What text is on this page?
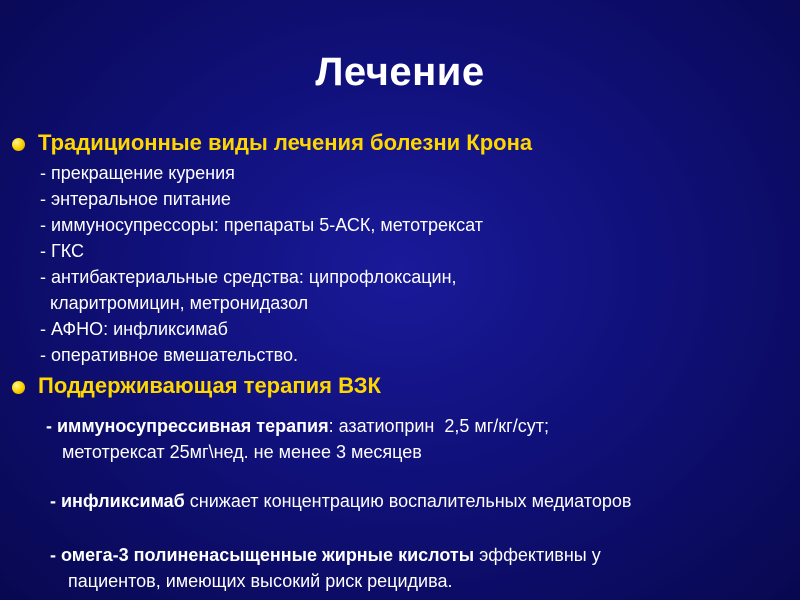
Лечение
Традиционные виды лечения болезни Крона
- прекращение курения
- энтеральное питание
- иммуносупрессоры: препараты 5-АСК, метотрексат
- ГКС
- антибактериальные средства: ципрофлоксацин,
кларитромицин, метронидазол
- АФНО: инфликсимаб
- оперативное вмешательство.
Поддерживающая терапия ВЗК
- иммуносупрессивная терапия: азатиоприн  2,5 мг/кг/сут;
метотрексат 25мг\нед. не менее 3 месяцев
- инфликсимаб снижает концентрацию воспалительных медиаторов
- омега-3 полиненасыщенные жирные кислоты эффективны у
пациентов, имеющих высокий риск рецидива.
